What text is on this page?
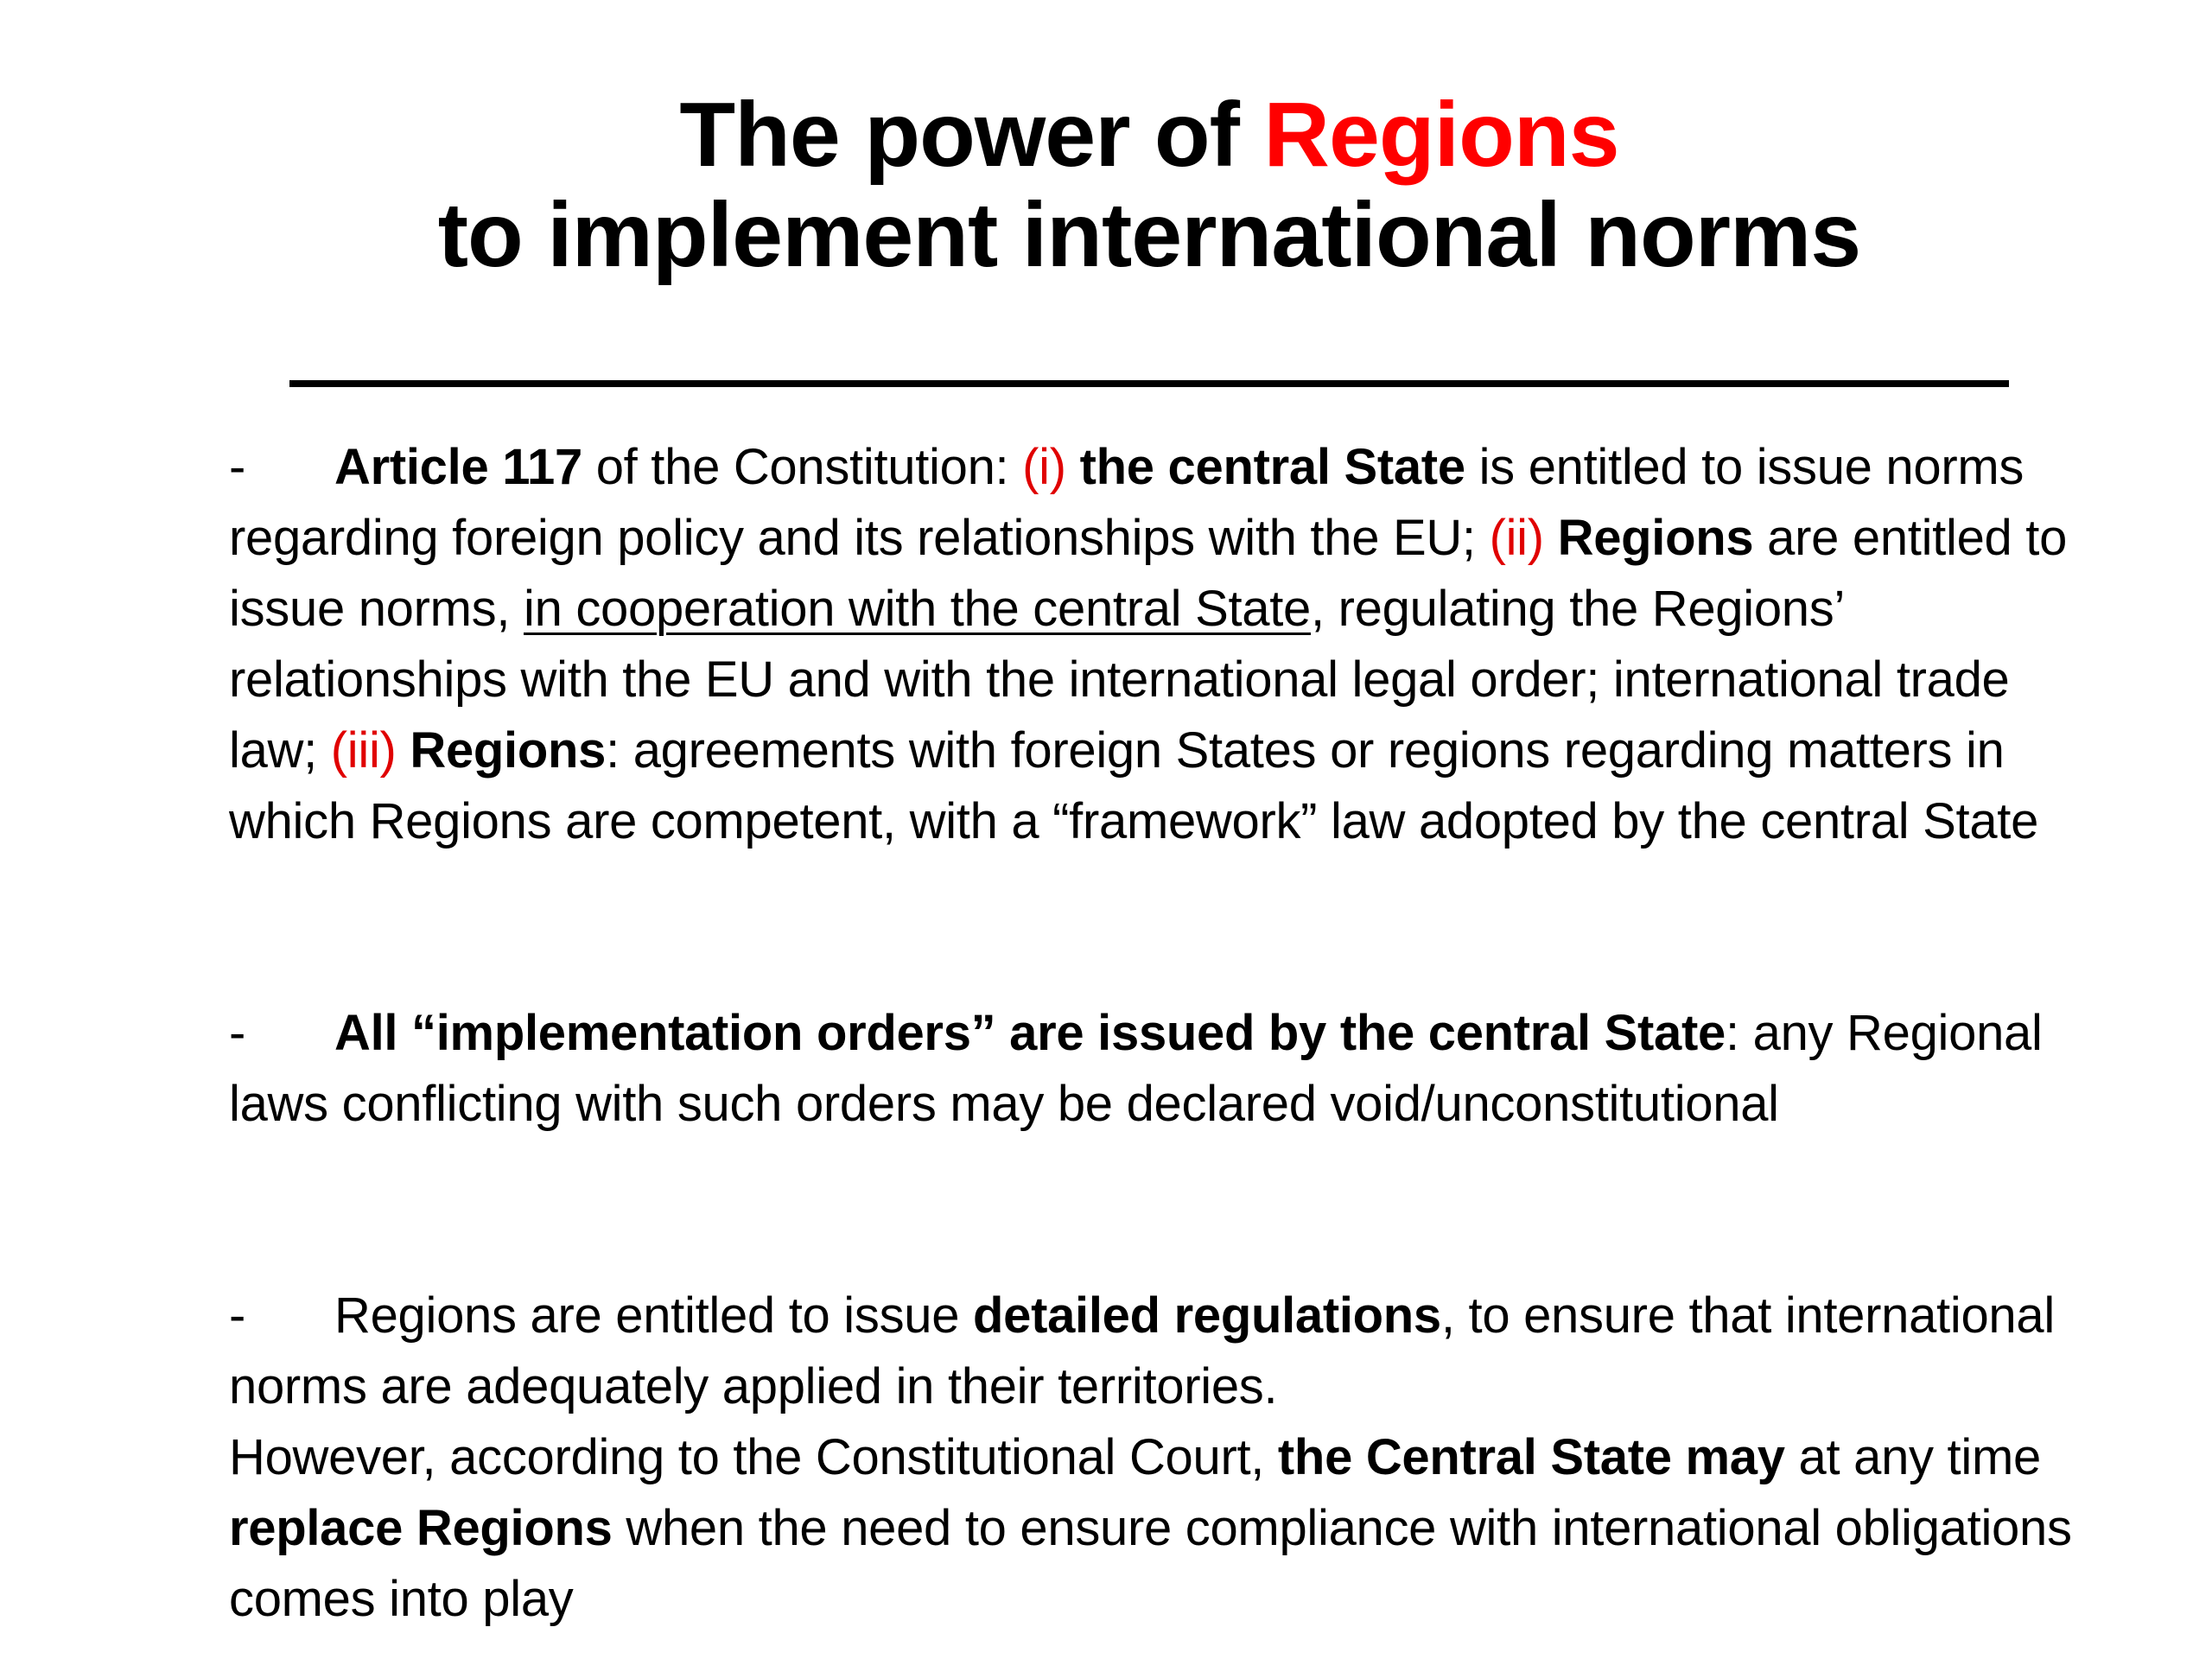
The power of Regions
to implement international norms
- Article 117 of the Constitution: (i) the central State is entitled to issue norms regarding foreign policy and its relationships with the EU; (ii) Regions are entitled to issue norms, in cooperation with the central State, regulating the Regions’ relationships with the EU and with the international legal order; international trade law; (iii) Regions: agreements with foreign States or regions regarding matters in which Regions are competent, with a “framework” law adopted by the central State
- All “implementation orders” are issued by the central State: any Regional laws conflicting with such orders may be declared void/unconstitutional
- Regions are entitled to issue detailed regulations, to ensure that international norms are adequately applied in their territories.
However, according to the Constitutional Court, the Central State may at any time replace Regions when the need to ensure compliance with international obligations comes into play
